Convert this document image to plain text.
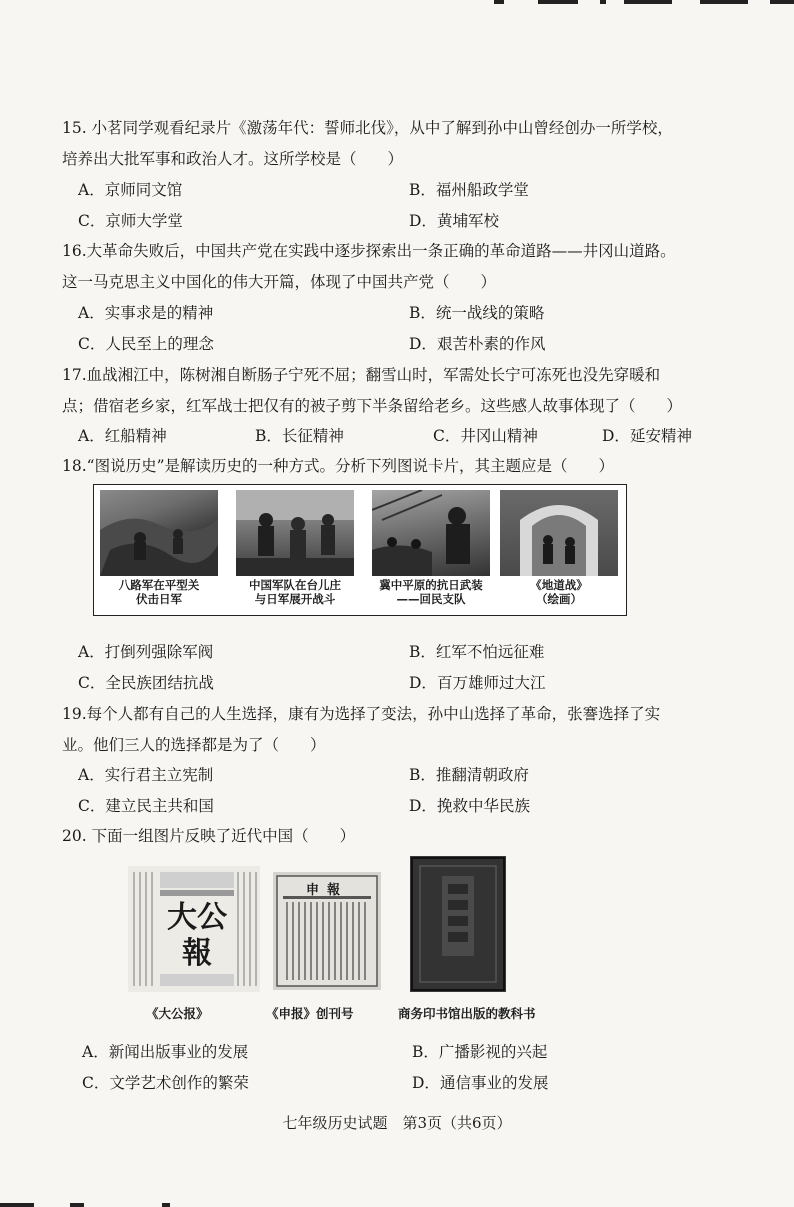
15. 小茗同学观看纪录片《激荡年代：誓师北伐》，从中了解到孙中山曾经创办一所学校，
培养出大批军事和政治人才。这所学校是（　　）
A．京师同文馆	B．福州船政学堂
C．京师大学堂	D．黄埔军校
16.大革命失败后，中国共产党在实践中逐步探索出一条正确的革命道路——井冈山道路。
这一马克思主义中国化的伟大开篇，体现了中国共产党（　　）
A．实事求是的精神	B．统一战线的策略
C．人民至上的理念	D．艰苦朴素的作风
17.血战湘江中，陈树湘自断肠子宁死不屈；翻雪山时，军需处长宁可冻死也没先穿暖和
点；借宿老乡家，红军战士把仅有的被子剪下半条留给老乡。这些感人故事体现了（　　）
A．红船精神	B．长征精神	C．井冈山精神	D．延安精神
18.“图说历史”是解读历史的一种方式。分析下列图说卡片，其主题应是（　　）
八路军在平型关
伏击日军
中国军队在台儿庄
与日军展开战斗
冀中平原的抗日武装
——回民支队
《地道战》
（绘画）
A．打倒列强除军阀	B．红军不怕远征难
C．全民族团结抗战	D．百万雄师过大江
19.每个人都有自己的人生选择，康有为选择了变法，孙中山选择了革命，张謇选择了实
业。他们三人的选择都是为了（　　）
A．实行君主立宪制	B．推翻清朝政府
C．建立民主共和国	D．挽救中华民族
20. 下面一组图片反映了近代中国（　　）
大公報
《大公报》
申報
《申报》创刊号	商务印书馆出版的教科书
A．新闻出版事业的发展	B．广播影视的兴起
C．文学艺术创作的繁荣	D．通信事业的发展
七年级历史试题　第3页（共6页）
